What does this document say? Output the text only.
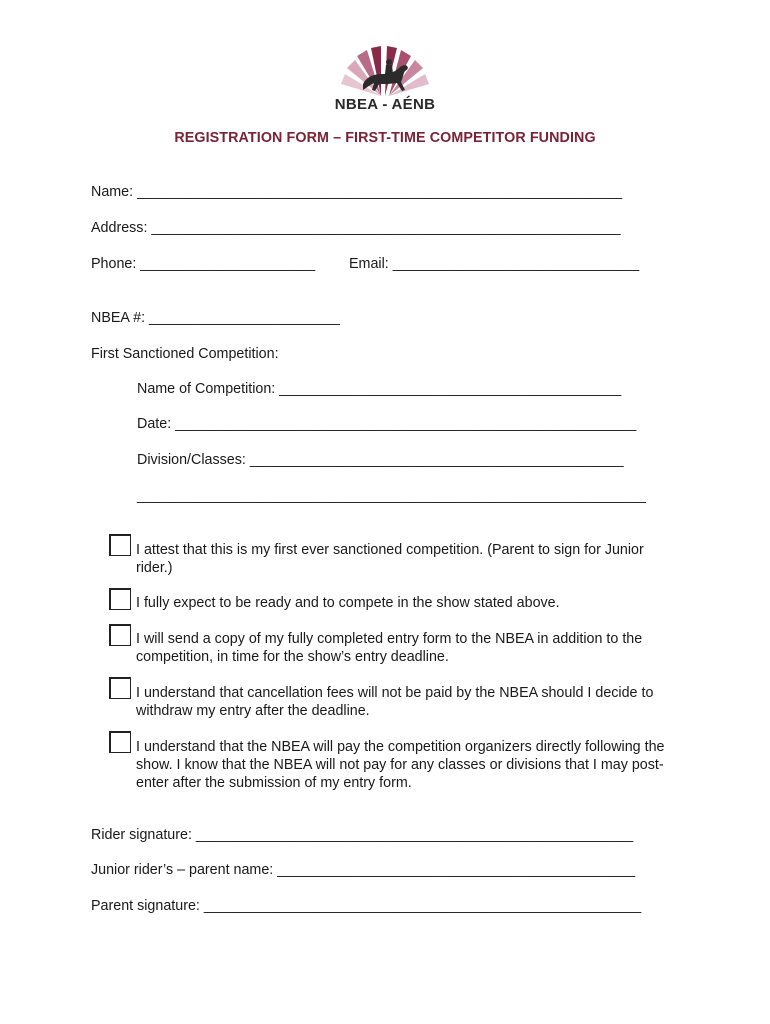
NBEA - AÉNB
REGISTRATION FORM – FIRST-TIME COMPETITOR FUNDING
Name: _____________________________________________________________
Address: ___________________________________________________________
Phone: ______________________ Email: _______________________________
NBEA #: ________________________
First Sanctioned Competition:
Name of Competition: ___________________________________________
Date: __________________________________________________________
Division/Classes: _______________________________________________
________________________________________________________________
I attest that this is my first ever sanctioned competition. (Parent to sign for Junior rider.)
I fully expect to be ready and to compete in the show stated above.
I will send a copy of my fully completed entry form to the NBEA in addition to the competition, in time for the show’s entry deadline.
I understand that cancellation fees will not be paid by the NBEA should I decide to withdraw my entry after the deadline.
I understand that the NBEA will pay the competition organizers directly following the show. I know that the NBEA will not pay for any classes or divisions that I may post-enter after the submission of my entry form.
Rider signature: _______________________________________________________
Junior rider’s – parent name: _____________________________________________
Parent signature: _______________________________________________________
